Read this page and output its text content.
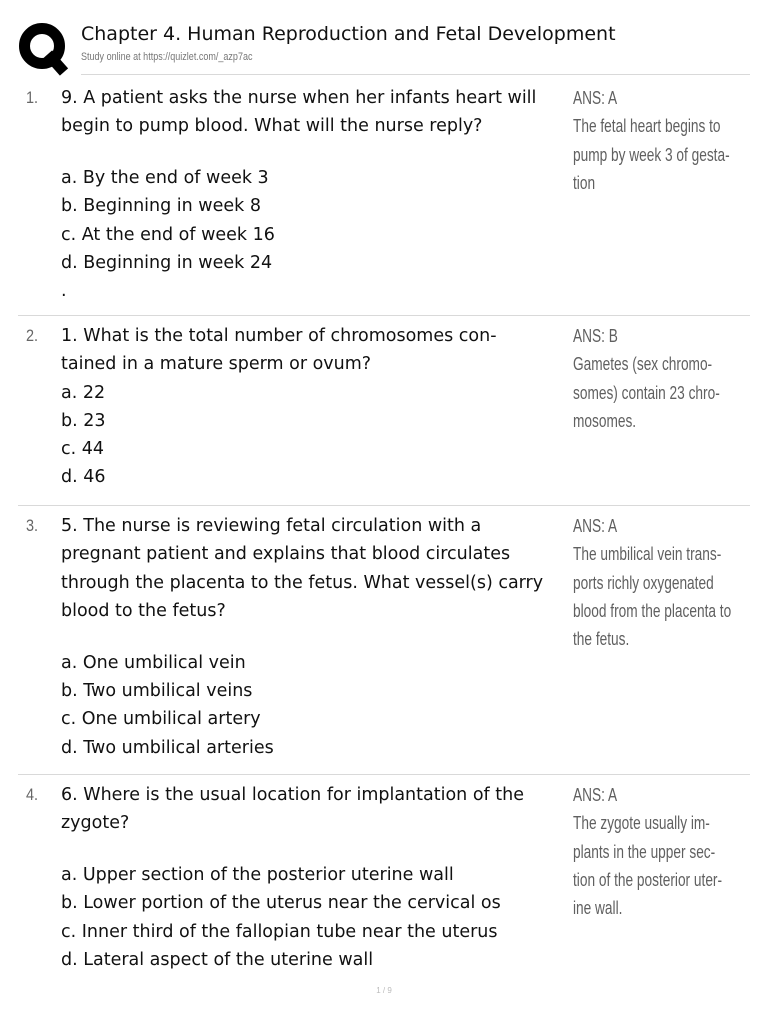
Chapter 4. Human Reproduction and Fetal Development
Study online at https://quizlet.com/_azp7ac
1. 9. A patient asks the nurse when her infants heart will
begin to pump blood. What will the nurse reply?
a. By the end of week 3
b. Beginning in week 8
c. At the end of week 16
d. Beginning in week 24
.
ANS: A
The fetal heart begins to
pump by week 3 of gesta-
tion
2. 1. What is the total number of chromosomes con-
tained in a mature sperm or ovum?
a. 22
b. 23
c. 44
d. 46
ANS: B
Gametes (sex chromo-
somes) contain 23 chro-
mosomes.
3. 5. The nurse is reviewing fetal circulation with a
pregnant patient and explains that blood circulates
through the placenta to the fetus. What vessel(s) carry
blood to the fetus?
a. One umbilical vein
b. Two umbilical veins
c. One umbilical artery
d. Two umbilical arteries
ANS: A
The umbilical vein trans-
ports richly oxygenated
blood from the placenta to
the fetus.
4. 6. Where is the usual location for implantation of the
zygote?
a. Upper section of the posterior uterine wall
b. Lower portion of the uterus near the cervical os
c. Inner third of the fallopian tube near the uterus
d. Lateral aspect of the uterine wall
ANS: A
The zygote usually im-
plants in the upper sec-
tion of the posterior uter-
ine wall.
1 / 9
